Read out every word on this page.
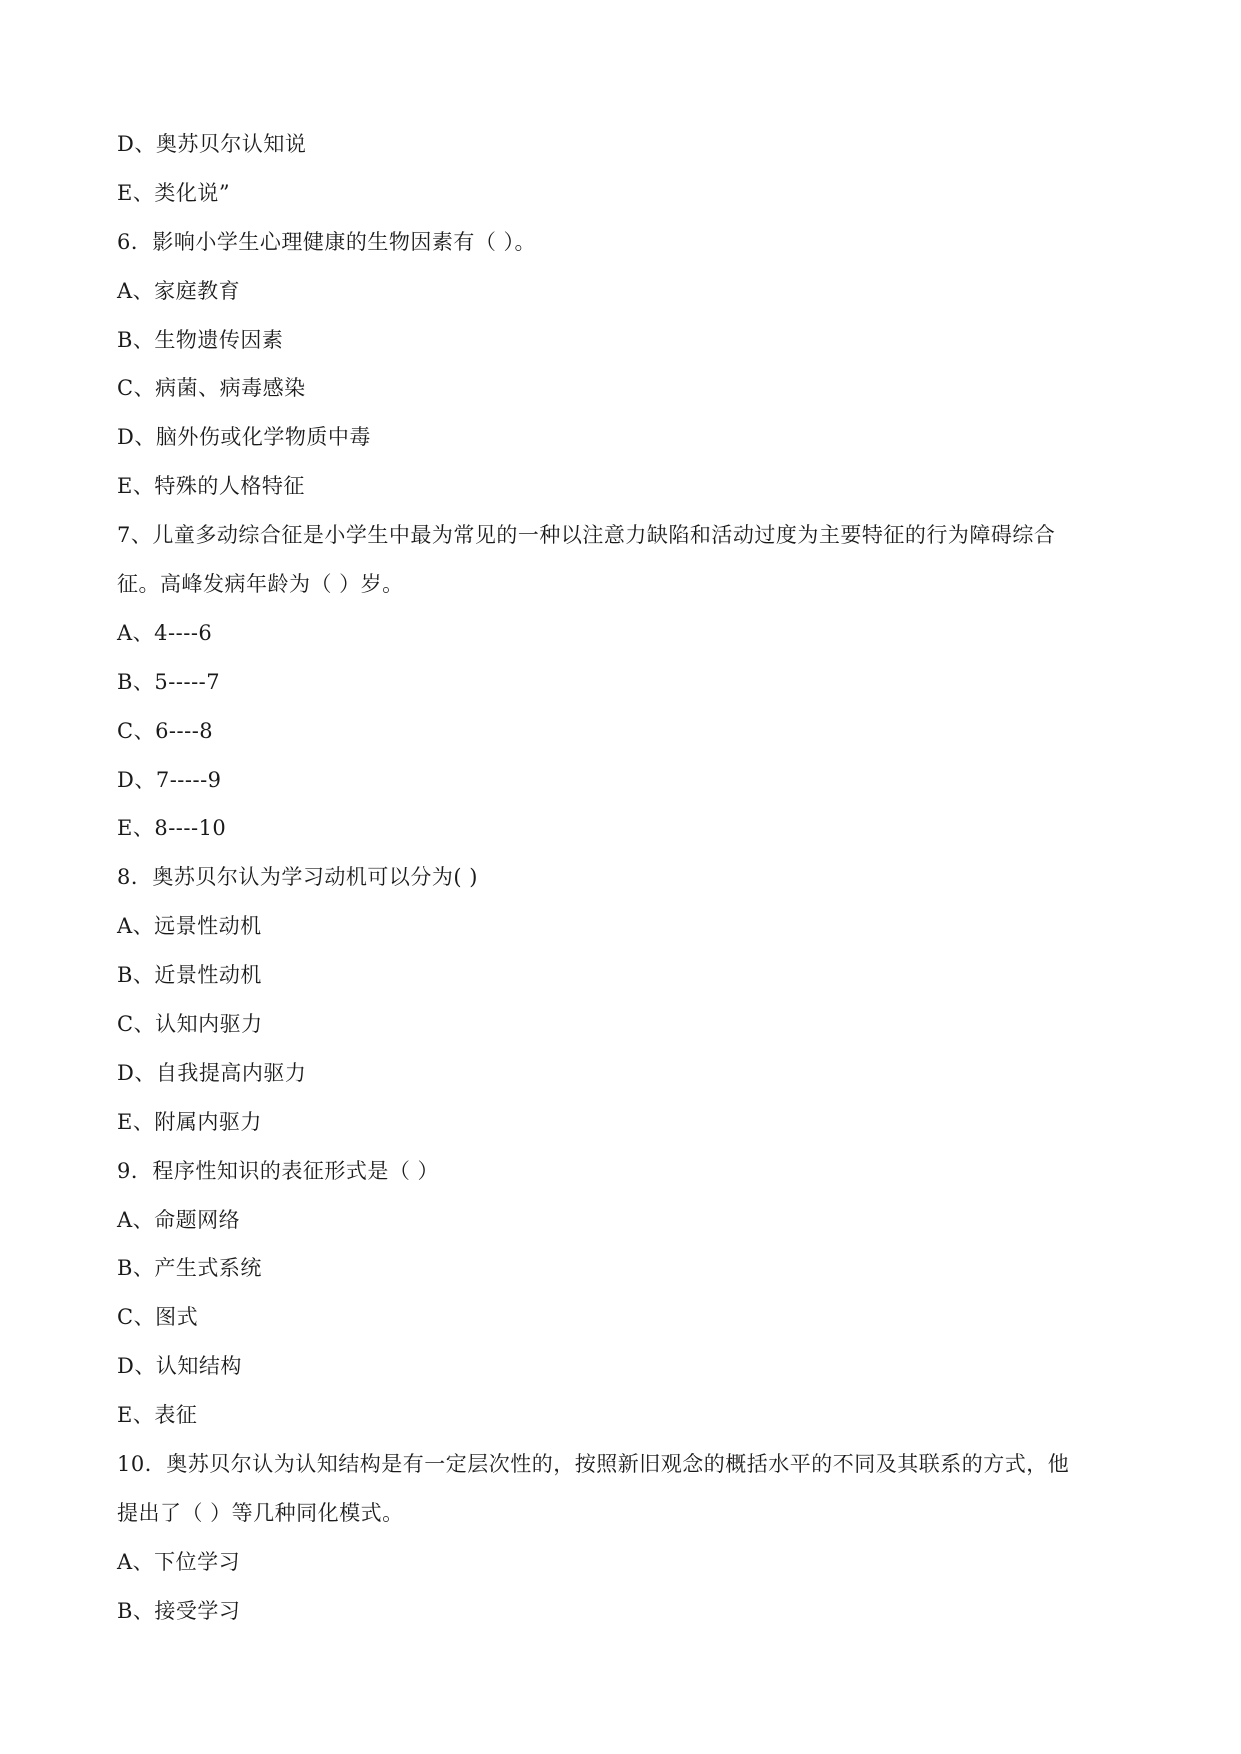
D、奥苏贝尔认知说
E、类化说”
6．影响小学生心理健康的生物因素有（ ）。
A、家庭教育
B、生物遗传因素
C、病菌、病毒感染
D、脑外伤或化学物质中毒
E、特殊的人格特征
7、儿童多动综合征是小学生中最为常见的一种以注意力缺陷和活动过度为主要特征的行为障碍综合
征。高峰发病年龄为（ ）岁。
A、4----6
B、5-----7
C、6----8
D、7-----9
E、8----10
8．奥苏贝尔认为学习动机可以分为( )
A、远景性动机
B、近景性动机
C、认知内驱力
D、自我提高内驱力
E、附属内驱力
9．程序性知识的表征形式是（ ）
A、命题网络
B、产生式系统
C、图式
D、认知结构
E、表征
10．奥苏贝尔认为认知结构是有一定层次性的，按照新旧观念的概括水平的不同及其联系的方式，他
提出了（ ）等几种同化模式。
A、下位学习
B、接受学习
